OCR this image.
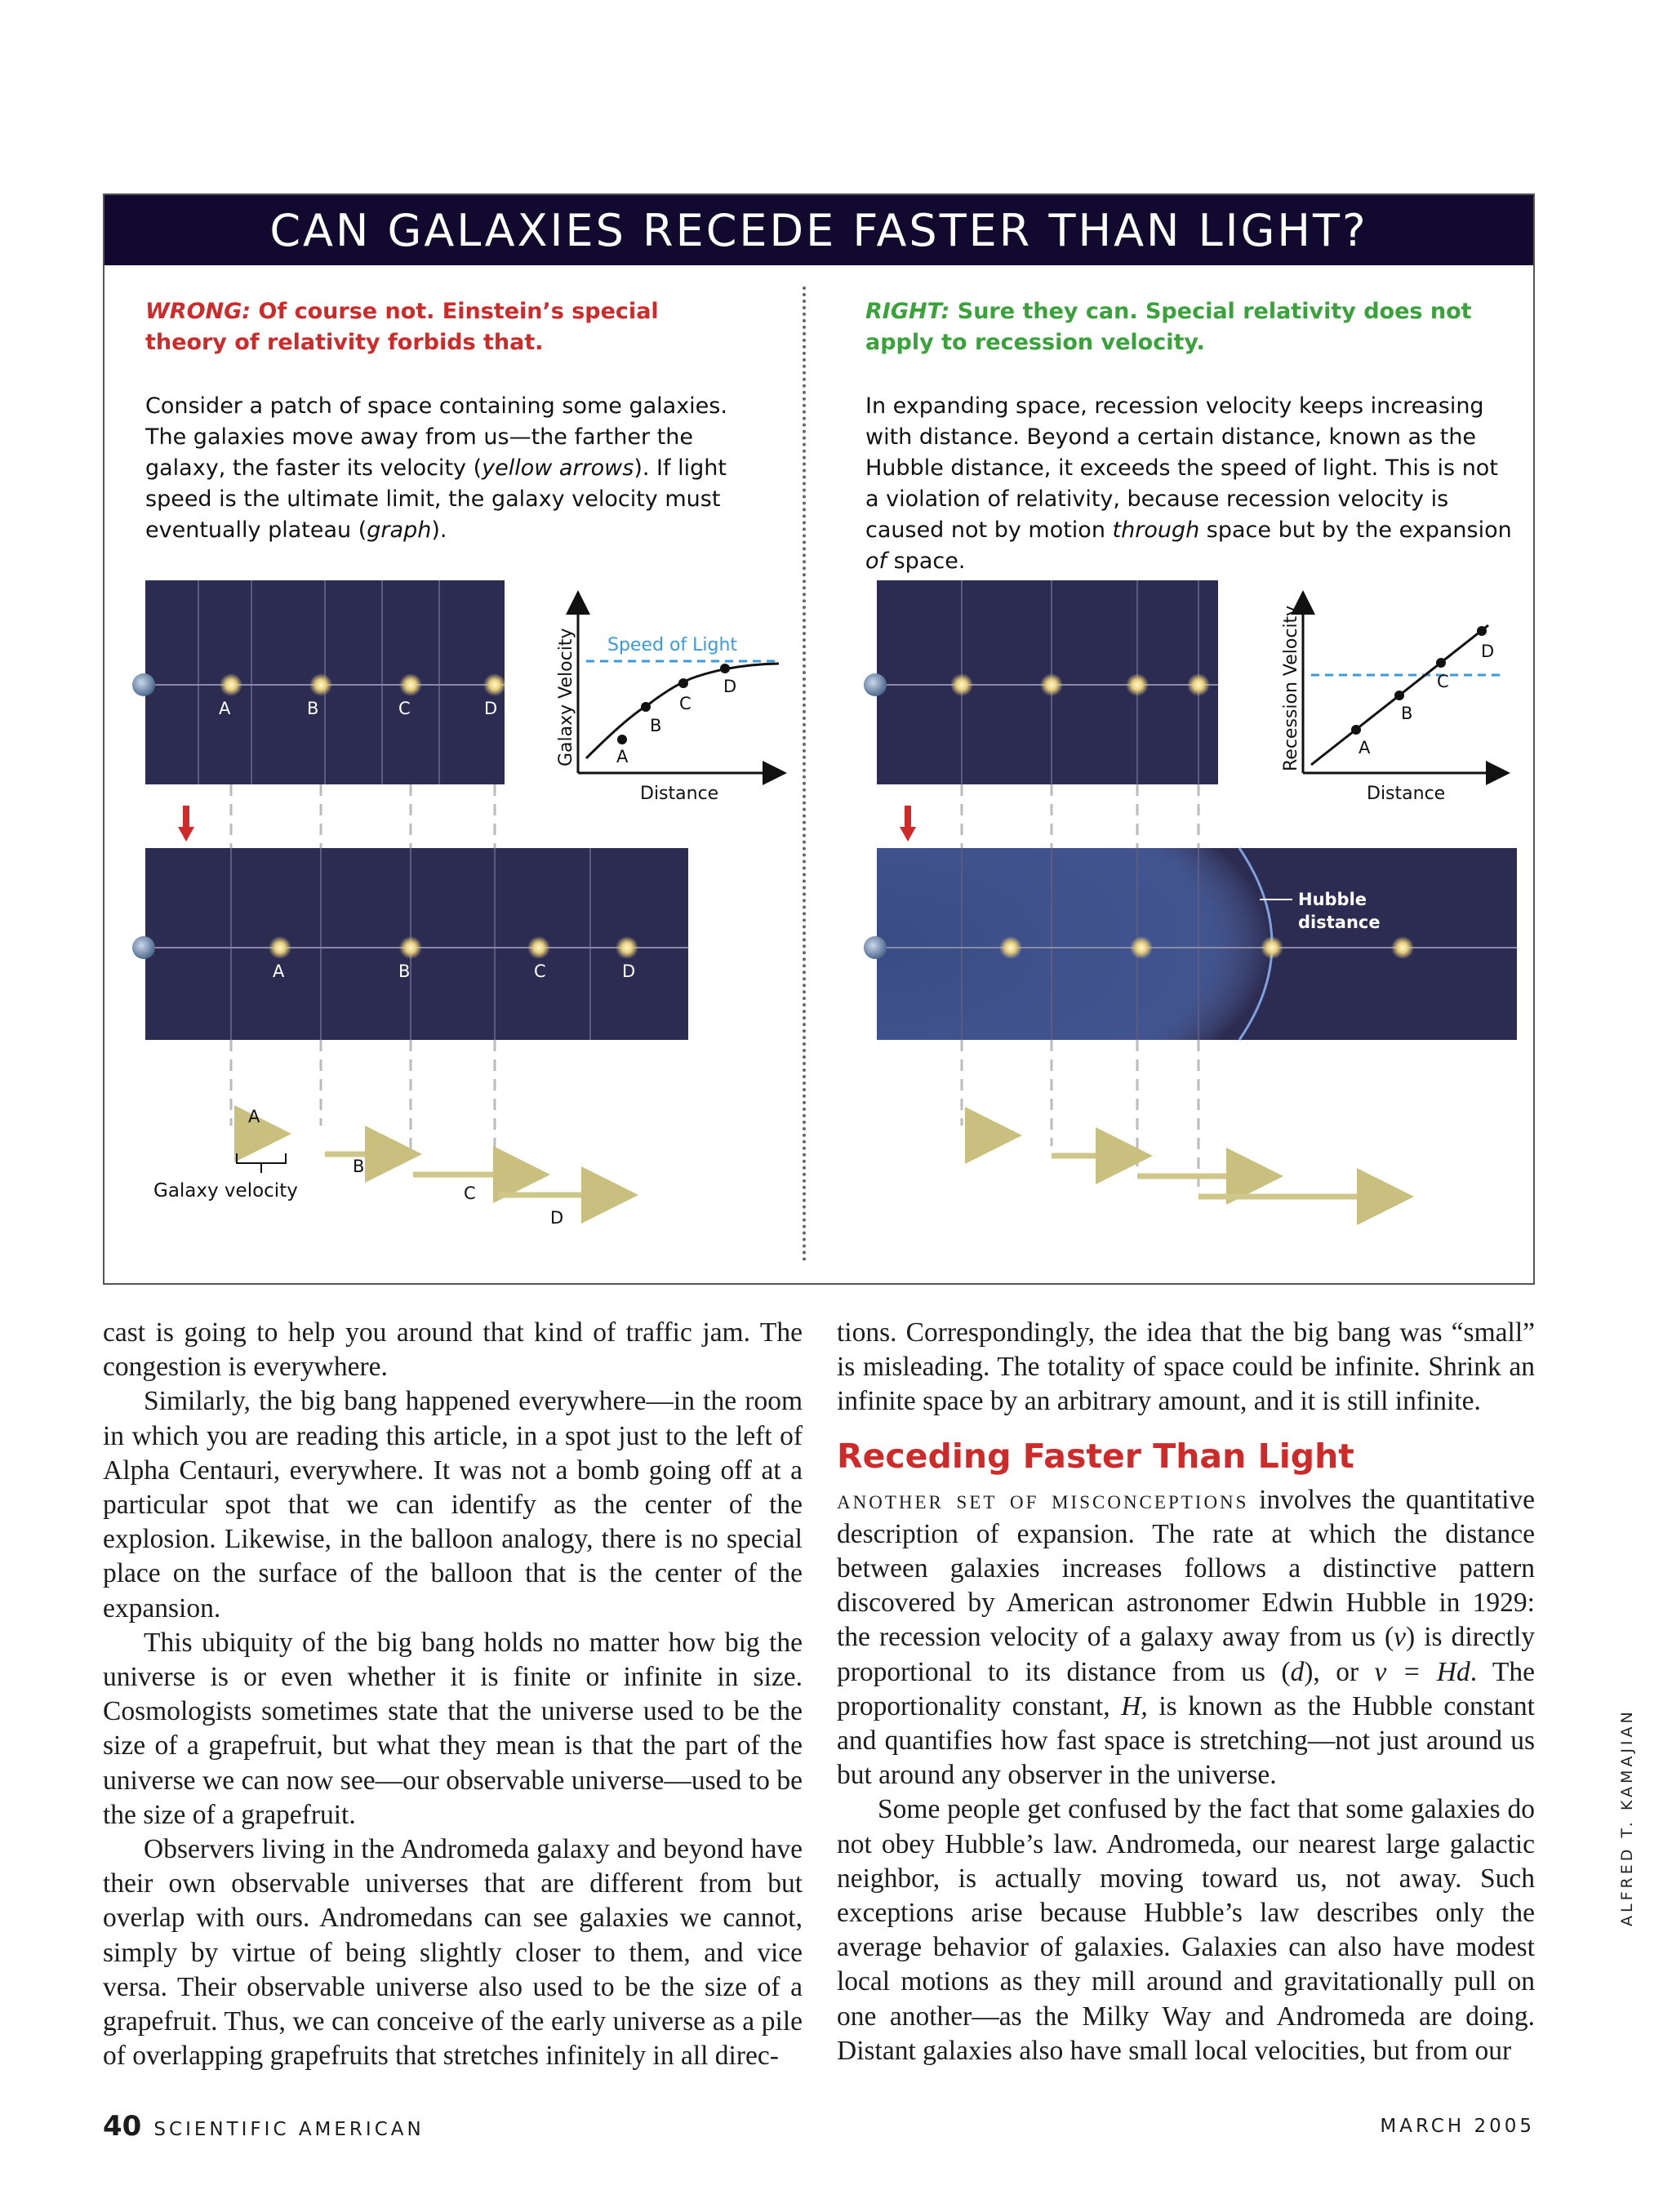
CAN GALAXIES RECEDE FASTER THAN LIGHT?
WRONG: Of course not. Einstein’s special theory of relativity forbids that.
Consider a patch of space containing some galaxies. The galaxies move away from us—the farther the galaxy, the faster its velocity (yellow arrows). If light speed is the ultimate limit, the galaxy velocity must eventually plateau (graph).
RIGHT: Sure they can. Special relativity does not apply to recession velocity.
In expanding space, recession velocity keeps increasing with distance. Beyond a certain distance, known as the Hubble distance, it exceeds the speed of light. This is not a violation of relativity, because recession velocity is caused not by motion through space but by the expansion of space.
A	B	C	D
A	B	C	D
A
B
C
D
Galaxy velocity
Speed of Light
A
B
C
D
Distance
Galaxy Velocity
Hubble
distance
A
B
C
D
Distance
Recession Velocity

cast is going to help you around that kind of traffic jam. The congestion is everywhere.

Similarly, the big bang happened everywhere—in the room in which you are reading this article, in a spot just to the left of Alpha Centauri, everywhere. It was not a bomb going off at a particular spot that we can identify as the center of the explosion. Likewise, in the balloon analogy, there is no special place on the surface of the balloon that is the center of the expansion.

This ubiquity of the big bang holds no matter how big the universe is or even whether it is finite or infinite in size. Cosmologists sometimes state that the universe used to be the size of a grapefruit, but what they mean is that the part of the universe we can now see—our observable universe—used to be the size of a grapefruit.

Observers living in the Andromeda galaxy and beyond have their own observable universes that are different from but overlap with ours. Andromedans can see galaxies we cannot, simply by virtue of being slightly closer to them, and vice versa. Their observable universe also used to be the size of a grapefruit. Thus, we can conceive of the early universe as a pile of overlapping grapefruits that stretches infinitely in all direc-

tions. Correspondingly, the idea that the big bang was “small” is misleading. The totality of space could be infinite. Shrink an infinite space by an arbitrary amount, and it is still infinite.

Receding Faster Than Light

another set of misconceptions involves the quantitative description of expansion. The rate at which the distance between galaxies increases follows a distinctive pattern discovered by American astronomer Edwin Hubble in 1929: the recession velocity of a galaxy away from us (v) is directly proportional to its distance from us (d), or v = Hd. The proportionality constant, H, is known as the Hubble constant and quantifies how fast space is stretching—not just around us but around any observer in the universe.

Some people get confused by the fact that some galaxies do not obey Hubble’s law. Andromeda, our nearest large galactic neighbor, is actually moving toward us, not away. Such exceptions arise because Hubble’s law describes only the average behavior of galaxies. Galaxies can also have modest local motions as they mill around and gravitationally pull on one another—as the Milky Way and Andromeda are doing. Distant galaxies also have small local velocities, but from our

ALFRED T. KAMAJIAN
40 SCIENTIFIC AMERICAN	MARCH 2005
